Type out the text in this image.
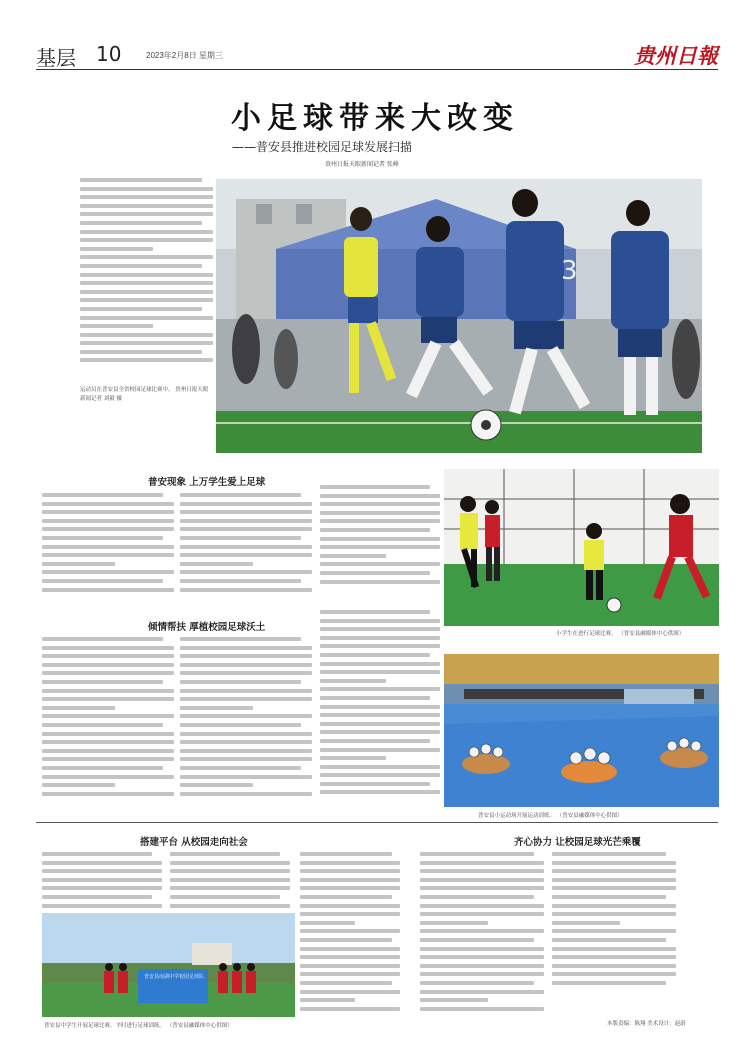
基层 10	2023年2月8日 星期三	贵州日報
小足球带来大改变
——普安县推进校园足球发展扫描
贵州日报天眼新闻记者 张峰
运动员在普安县全省校园足球比赛中。 贵州日报天眼新闻记者 刘毅 摄
3
普安现象 上万学生爱上足球
小学生在进行足球比赛。 （普安县融媒体中心供图）
倾情帮扶 厚植校园足球沃土
普安县小运动场开展运动训练。 （普安县融媒体中心供图）
搭建平台 从校园走向社会
普安县南湖中学校园足球队
普安县中学生开展足球比赛，平时进行足球训练。 （普安县融媒体中心供图）
齐心协力 让校园足球光芒乘覆
本版责编：陈翔 美术设计：赵蔚
